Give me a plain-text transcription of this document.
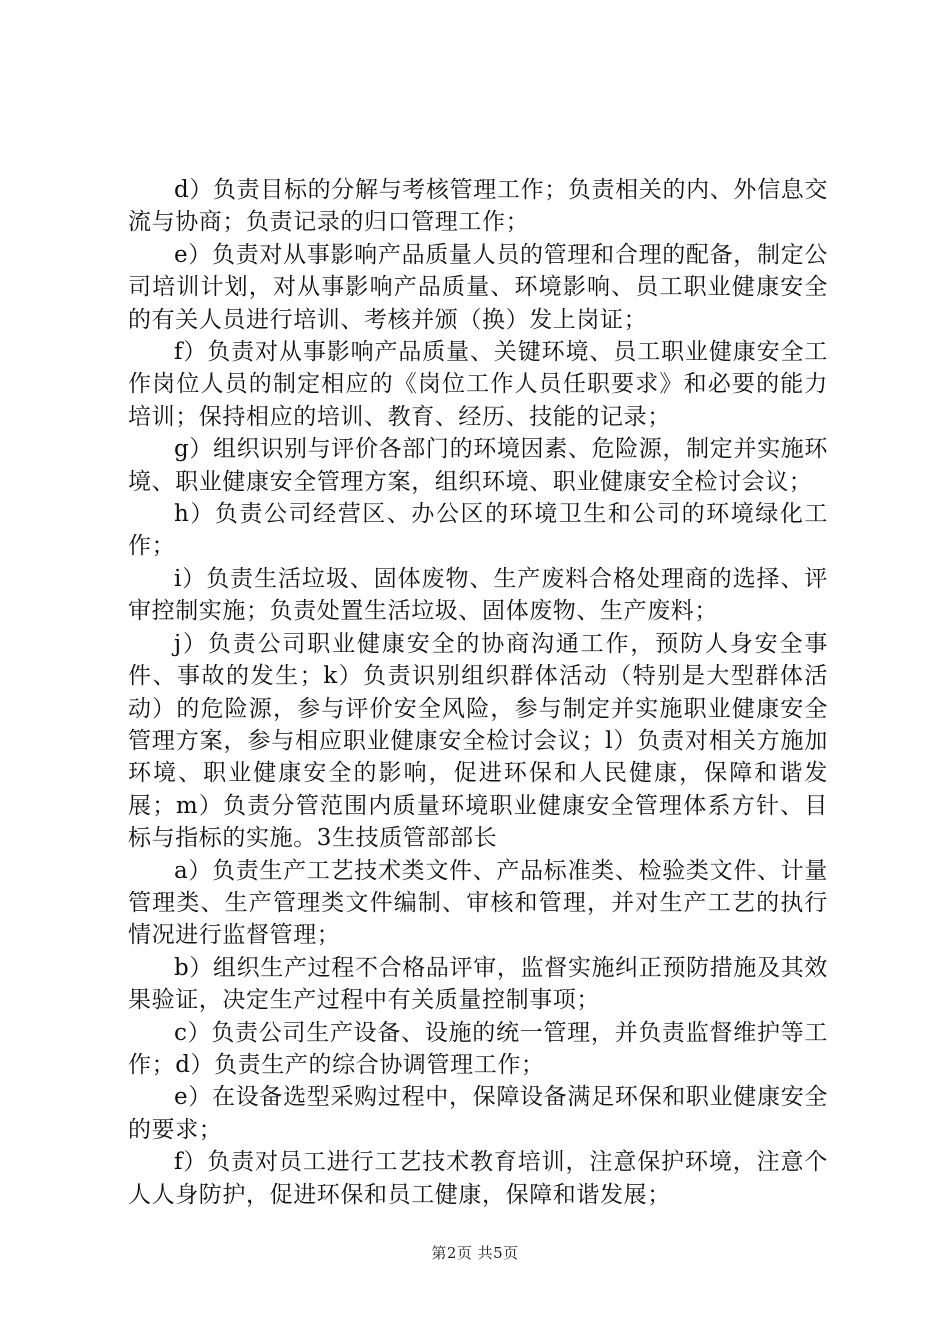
d）负责目标的分解与考核管理工作；负责相关的内、外信息交流与协商；负责记录的归口管理工作；

e）负责对从事影响产品质量人员的管理和合理的配备，制定公司培训计划，对从事影响产品质量、环境影响、员工职业健康安全的有关人员进行培训、考核并颁（换）发上岗证；

f）负责对从事影响产品质量、关键环境、员工职业健康安全工作岗位人员的制定相应的《岗位工作人员任职要求》和必要的能力培训；保持相应的培训、教育、经历、技能的记录；

g）组织识别与评价各部门的环境因素、危险源，制定并实施环境、职业健康安全管理方案，组织环境、职业健康安全检讨会议；

h）负责公司经营区、办公区的环境卫生和公司的环境绿化工作；

i）负责生活垃圾、固体废物、生产废料合格处理商的选择、评审控制实施；负责处置生活垃圾、固体废物、生产废料；

j）负责公司职业健康安全的协商沟通工作，预防人身安全事件、事故的发生；k）负责识别组织群体活动（特别是大型群体活动）的危险源，参与评价安全风险，参与制定并实施职业健康安全管理方案，参与相应职业健康安全检讨会议；l）负责对相关方施加环境、职业健康安全的影响，促进环保和人民健康，保障和谐发展；m）负责分管范围内质量环境职业健康安全管理体系方针、目标与指标的实施。3生技质管部部长

a）负责生产工艺技术类文件、产品标准类、检验类文件、计量管理类、生产管理类文件编制、审核和管理，并对生产工艺的执行情况进行监督管理；

b）组织生产过程不合格品评审，监督实施纠正预防措施及其效果验证，决定生产过程中有关质量控制事项；

c）负责公司生产设备、设施的统一管理，并负责监督维护等工作；d）负责生产的综合协调管理工作；

e）在设备选型采购过程中，保障设备满足环保和职业健康安全的要求；

f）负责对员工进行工艺技术教育培训，注意保护环境，注意个人人身防护，促进环保和员工健康，保障和谐发展；

第2页 共5页
